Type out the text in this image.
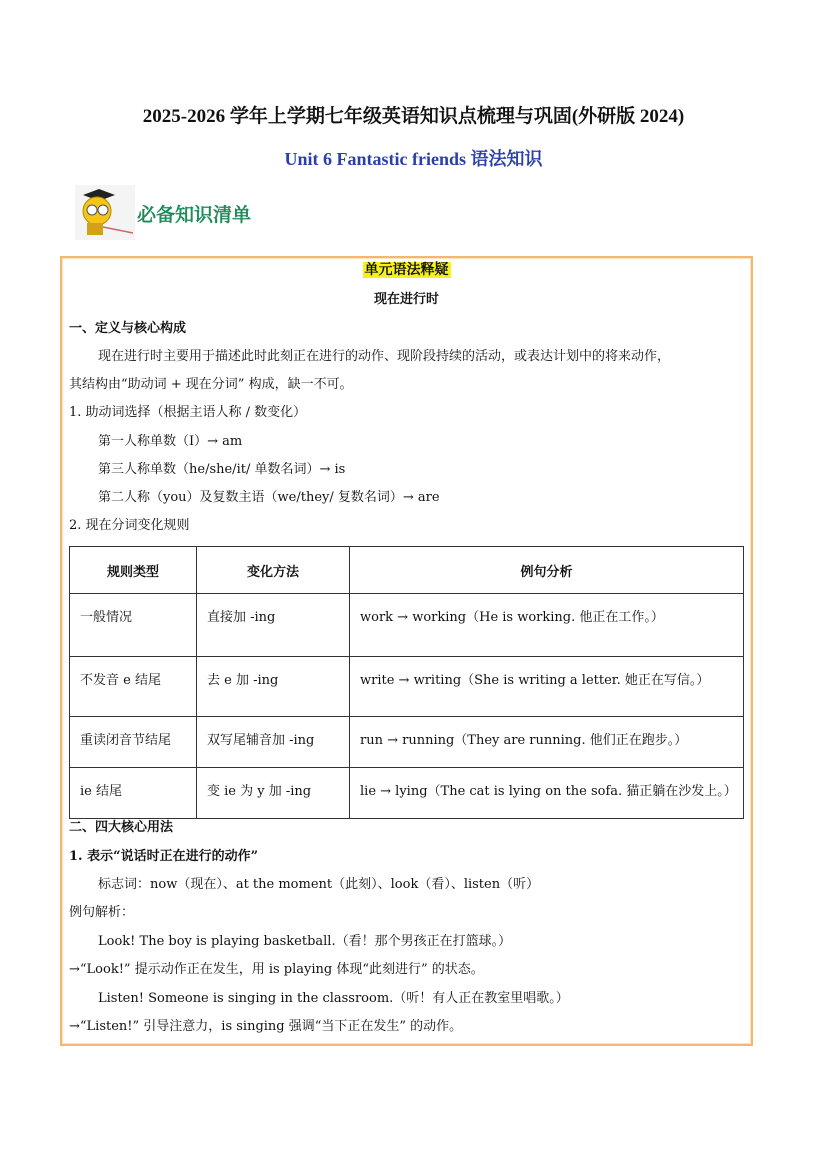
2025-2026 学年上学期七年级英语知识点梳理与巩固(外研版 2024)
Unit 6 Fantastic friends 语法知识
必备知识清单
单元语法释疑
现在进行时
一、定义与核心构成
现在进行时主要用于描述此时此刻正在进行的动作、现阶段持续的活动，或表达计划中的将来动作，
其结构由“助动词 + 现在分词” 构成，缺一不可。
1. 助动词选择（根据主语人称 / 数变化）
第一人称单数（I）→ am
第三人称单数（he/she/it/ 单数名词）→ is
第二人称（you）及复数主语（we/they/ 复数名词）→ are
2. 现在分词变化规则
规则类型	变化方法	例句分析
一般情况	直接加 -ing	work → working（He is working. 他正在工作。）
不发音 e 结尾	去 e 加 -ing	write → writing（She is writing a letter. 她正在写信。）
重读闭音节结尾	双写尾辅音加 -ing	run → running（They are running. 他们正在跑步。）
ie 结尾	变 ie 为 y 加 -ing	lie → lying（The cat is lying on the sofa. 猫正躺在沙发上。）
二、四大核心用法
1. 表示“说话时正在进行的动作”
标志词：now（现在）、at the moment（此刻）、look（看）、listen（听）
例句解析：
Look! The boy is playing basketball.（看！那个男孩正在打篮球。）
→“Look!” 提示动作正在发生，用 is playing 体现“此刻进行” 的状态。
Listen! Someone is singing in the classroom.（听！有人正在教室里唱歌。）
→“Listen!” 引导注意力，is singing 强调“当下正在发生” 的动作。
